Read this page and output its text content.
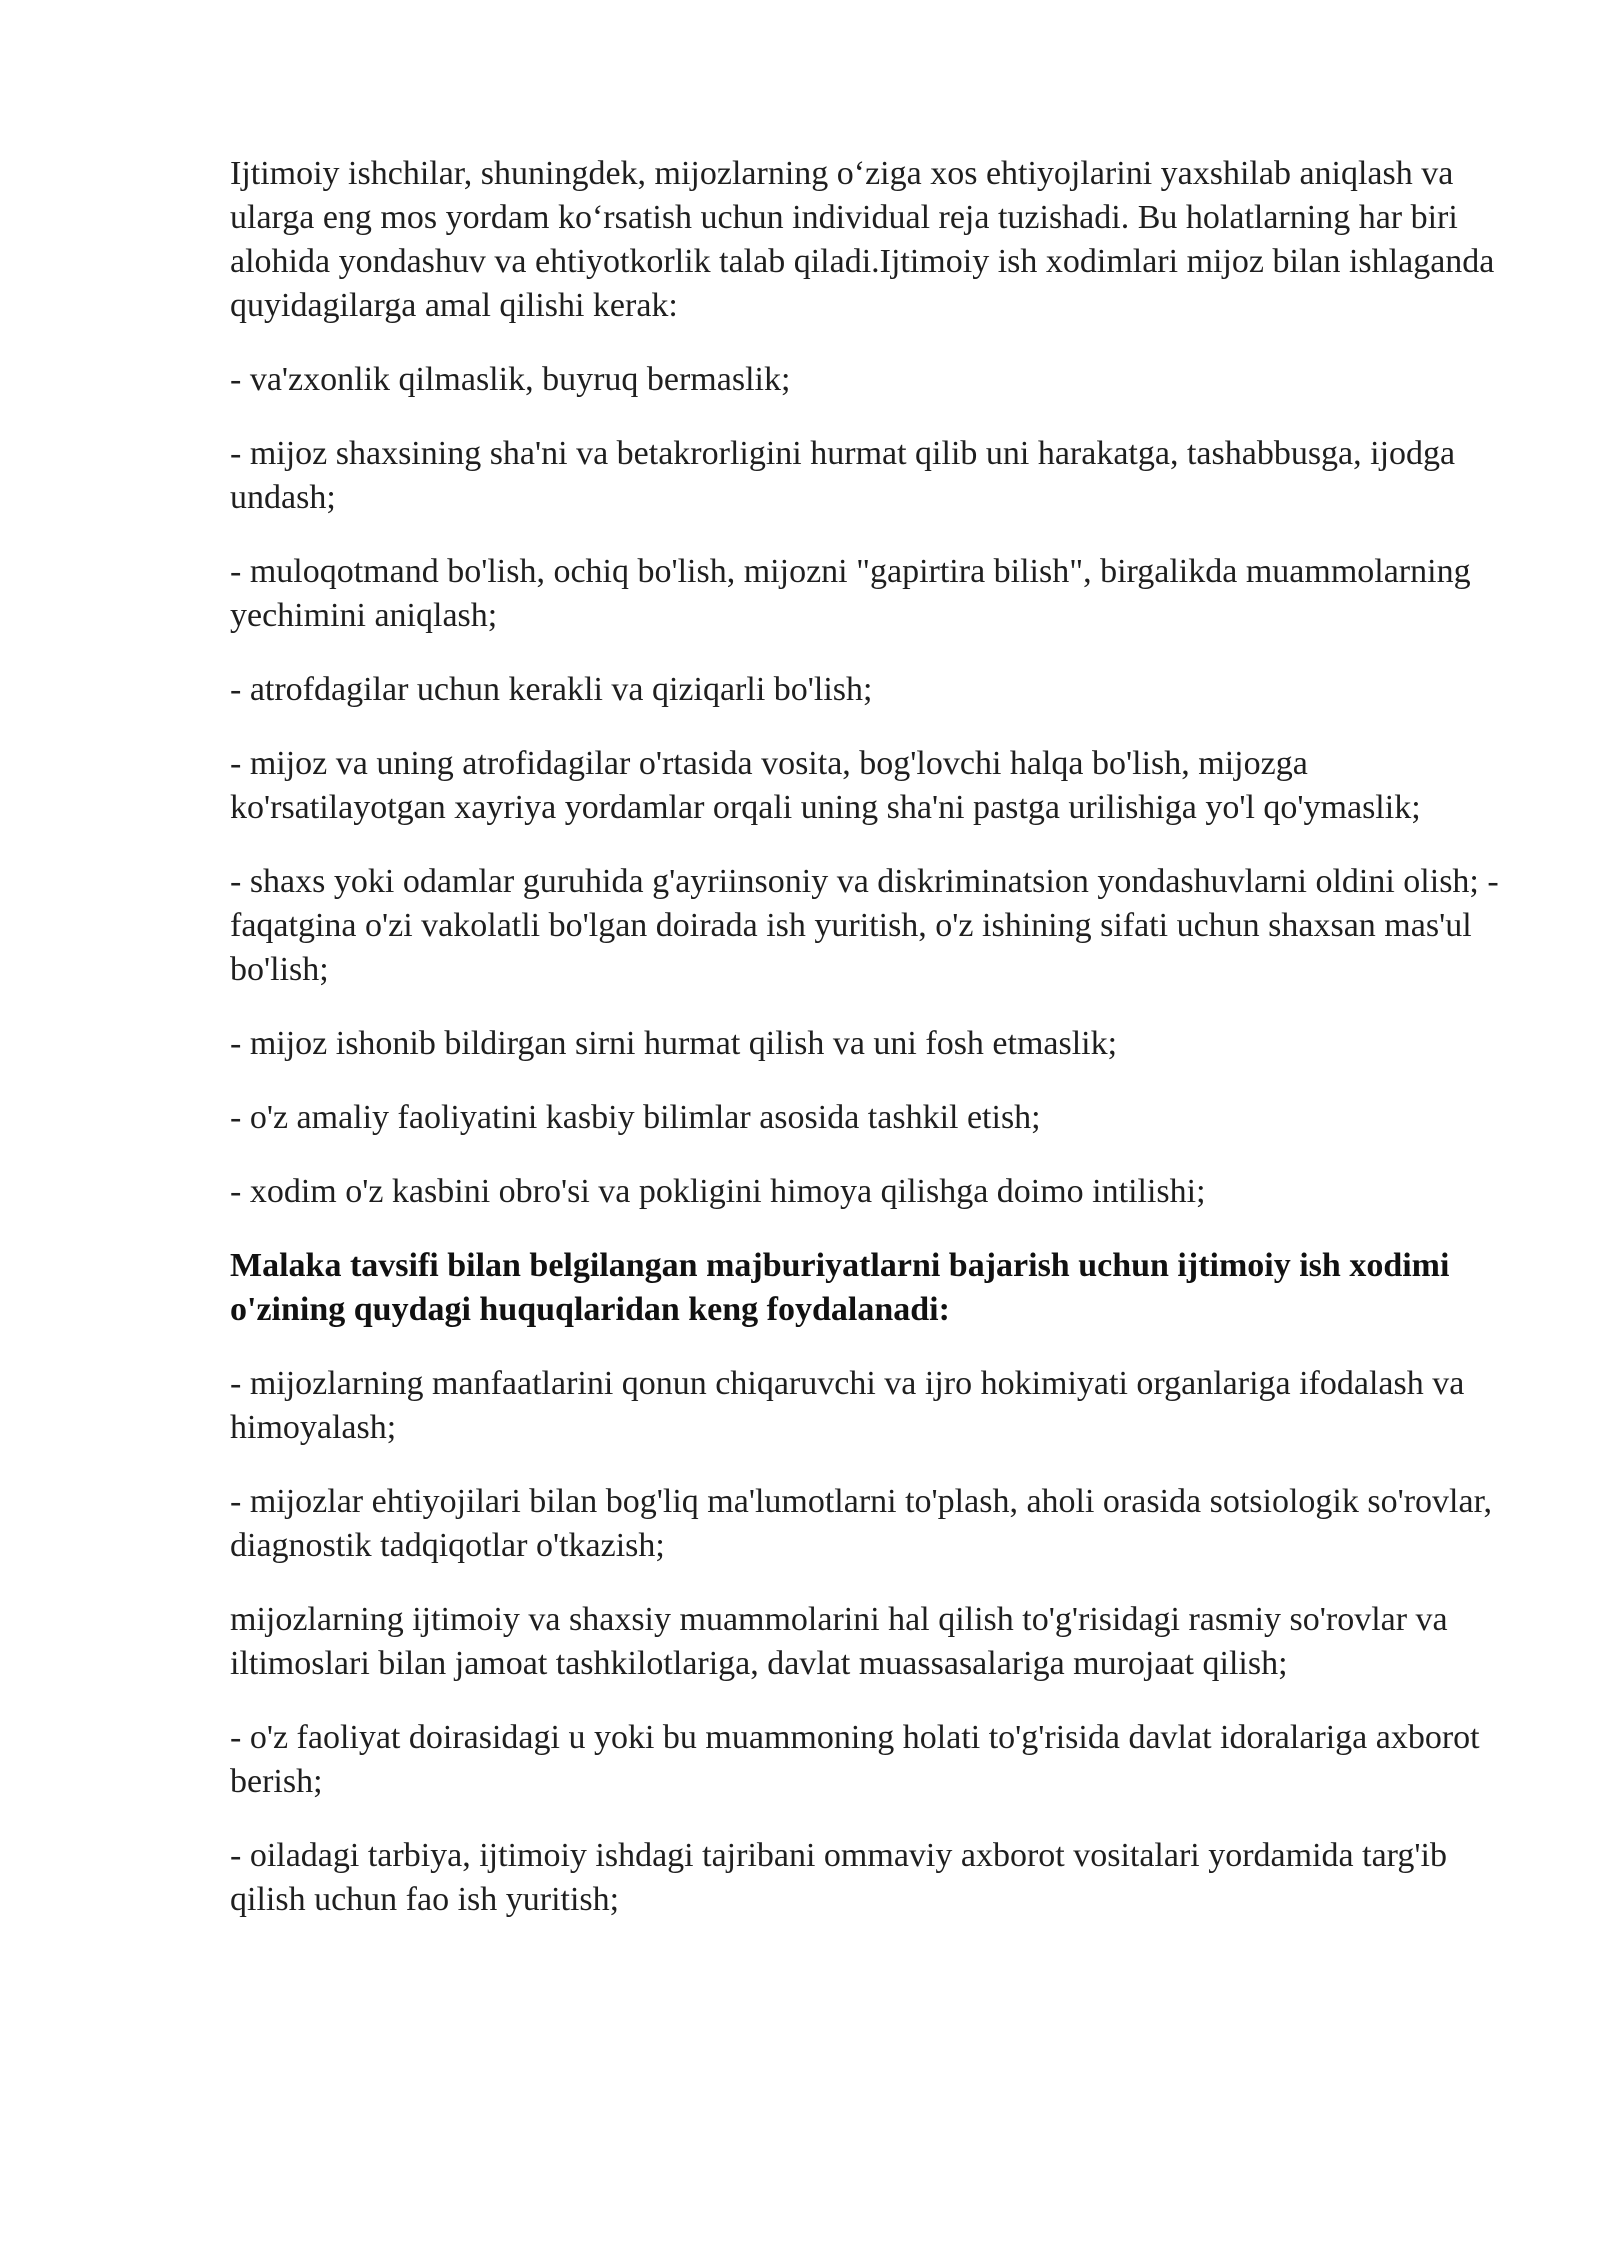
Ijtimoiy ishchilar, shuningdek, mijozlarning oʻziga xos ehtiyojlarini yaxshilab aniqlash va ularga eng mos yordam koʻrsatish uchun individual reja tuzishadi. Bu holatlarning har biri alohida yondashuv va ehtiyotkorlik talab qiladi.Ijtimoiy ish xodimlari mijoz bilan ishlaganda quyidagilarga amal qilishi kerak:

- va'zxonlik qilmaslik, buyruq bermaslik;

- mijoz shaxsining sha'ni va betakrorligini hurmat qilib uni harakatga, tashabbusga, ijodga undash;

- muloqotmand bo'lish, ochiq bo'lish, mijozni "gapirtira bilish", birgalikda muammolarning yechimini aniqlash;

- atrofdagilar uchun kerakli va qiziqarli bo'lish;

- mijoz va uning atrofidagilar o'rtasida vosita, bog'lovchi halqa bo'lish, mijozga ko'rsatilayotgan xayriya yordamlar orqali uning sha'ni pastga urilishiga yo'l qo'ymaslik;

- shaxs yoki odamlar guruhida g'ayriinsoniy va diskriminatsion yondashuvlarni oldini olish; - faqatgina o'zi vakolatli bo'lgan doirada ish yuritish, o'z ishining sifati uchun shaxsan mas'ul bo'lish;

- mijoz ishonib bildirgan sirni hurmat qilish va uni fosh etmaslik;

- o'z amaliy faoliyatini kasbiy bilimlar asosida tashkil etish;

- xodim o'z kasbini obro'si va pokligini himoya qilishga doimo intilishi;

Malaka tavsifi bilan belgilangan majburiyatlarni bajarish uchun ijtimoiy ish xodimi o'zining quydagi huquqlaridan keng foydalanadi:

- mijozlarning manfaatlarini qonun chiqaruvchi va ijro hokimiyati organlariga ifodalash va himoyalash;

- mijozlar ehtiyojilari bilan bog'liq ma'lumotlarni to'plash, aholi orasida sotsiologik so'rovlar, diagnostik tadqiqotlar o'tkazish;

mijozlarning ijtimoiy va shaxsiy muammolarini hal qilish to'g'risidagi rasmiy so'rovlar va iltimoslari bilan jamoat tashkilotlariga, davlat muassasalariga murojaat qilish;

- o'z faoliyat doirasidagi u yoki bu muammoning holati to'g'risida davlat idoralariga axborot berish;

- oiladagi tarbiya, ijtimoiy ishdagi tajribani ommaviy axborot vositalari yordamida targ'ib qilish uchun fao ish yuritish;
